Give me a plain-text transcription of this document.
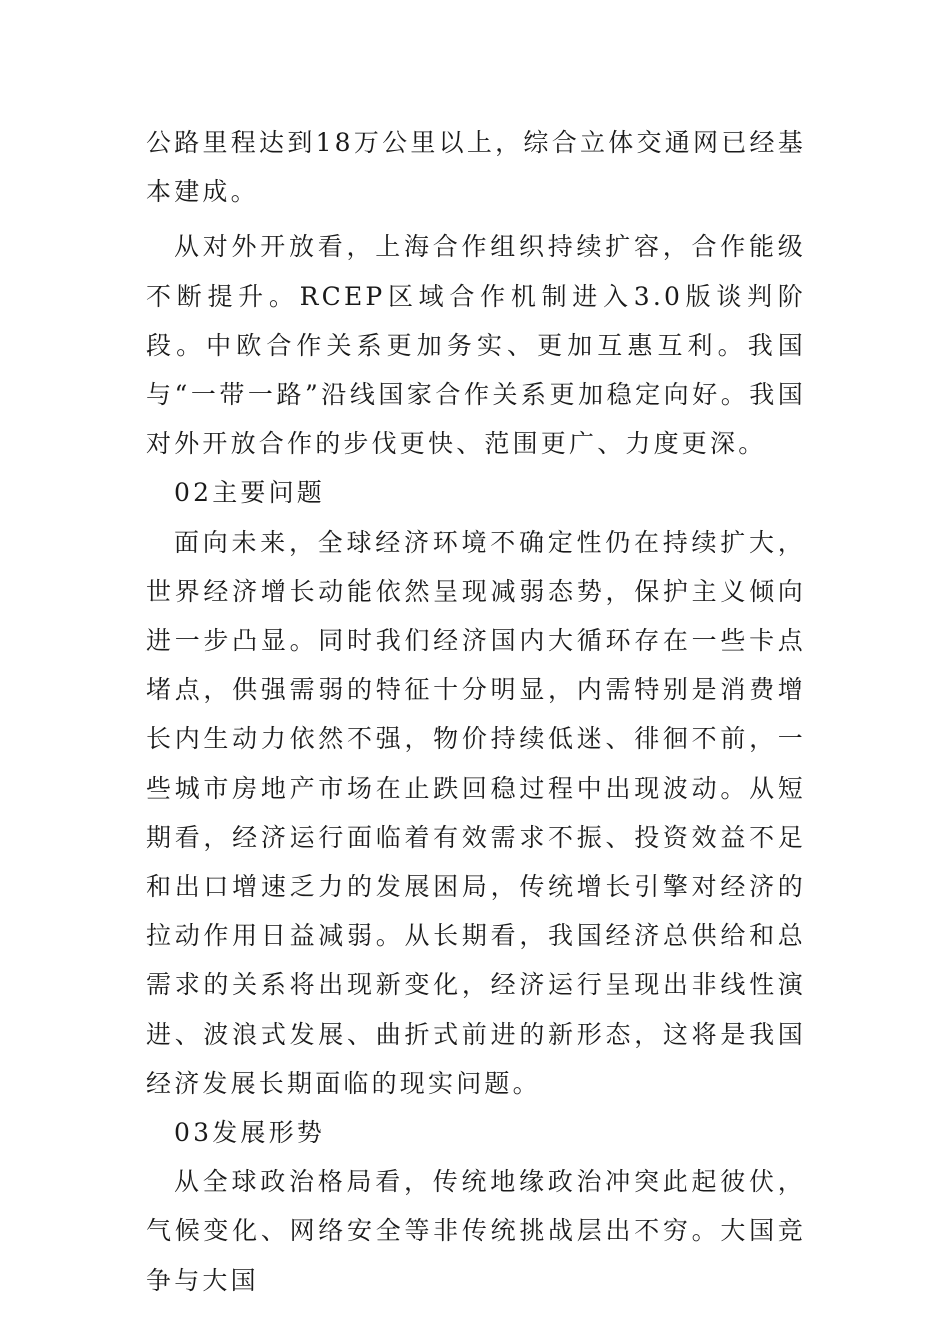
公路里程达到18万公里以上，综合立体交通网已经基本建成。

从对外开放看，上海合作组织持续扩容，合作能级不断提升。RCEP区域合作机制进入3.0版谈判阶段。中欧合作关系更加务实、更加互惠互利。我国与“一带一路”沿线国家合作关系更加稳定向好。我国对外开放合作的步伐更快、范围更广、力度更深。

02主要问题

面向未来，全球经济环境不确定性仍在持续扩大，世界经济增长动能依然呈现减弱态势，保护主义倾向进一步凸显。同时我们经济国内大循环存在一些卡点堵点，供强需弱的特征十分明显，内需特别是消费增长内生动力依然不强，物价持续低迷、徘徊不前，一些城市房地产市场在止跌回稳过程中出现波动。从短期看，经济运行面临着有效需求不振、投资效益不足和出口增速乏力的发展困局，传统增长引擎对经济的拉动作用日益减弱。从长期看，我国经济总供给和总需求的关系将出现新变化，经济运行呈现出非线性演进、波浪式发展、曲折式前进的新形态，这将是我国经济发展长期面临的现实问题。

03发展形势

从全球政治格局看，传统地缘政治冲突此起彼伏，气候变化、网络安全等非传统挑战层出不穷。大国竞争与大国
